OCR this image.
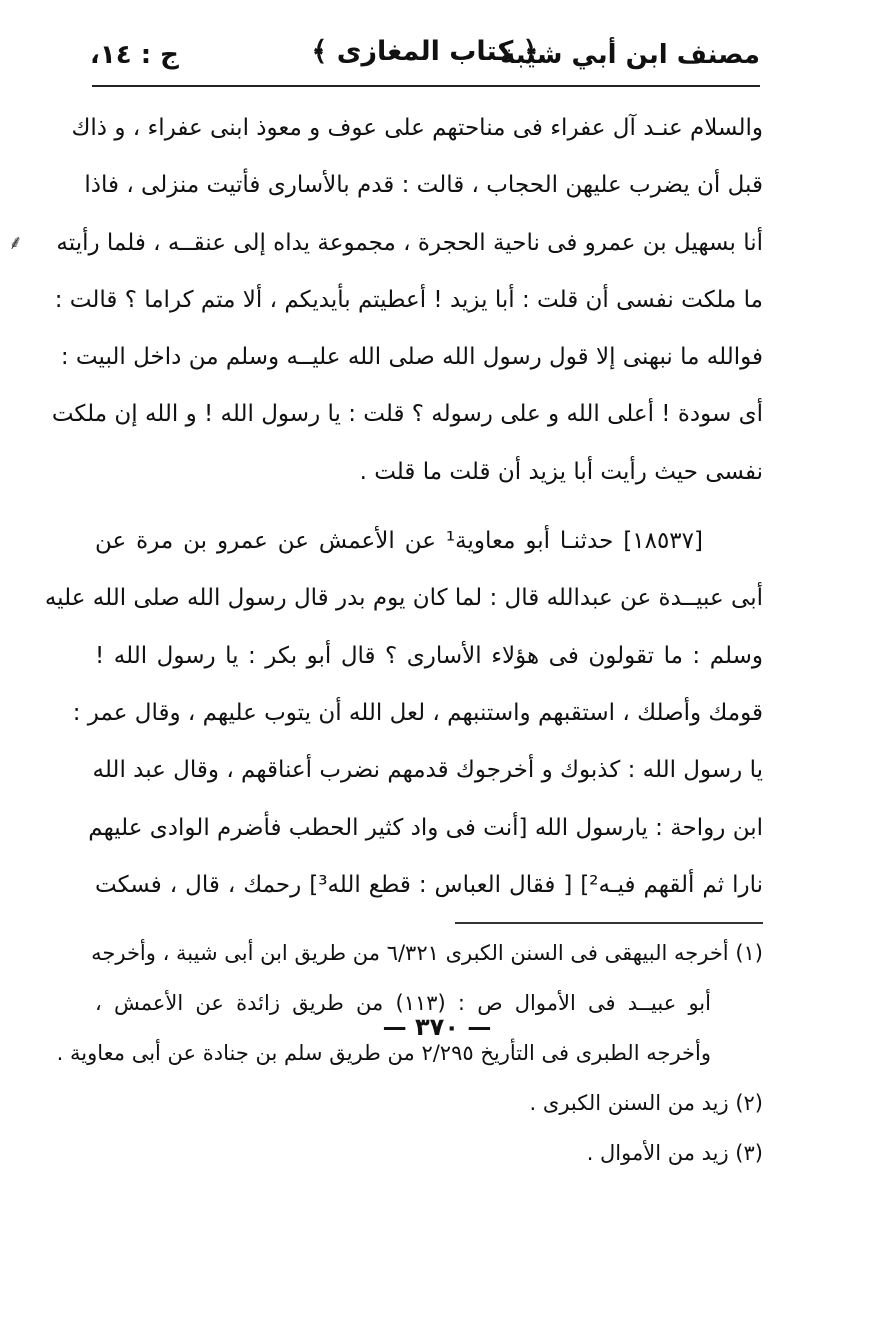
مصنف ابن أبي شيبة
﴿ كتاب المغازى ﴾
ج : ١٤،
والسلام عنـد آل عفراء فى مناحتهم على عوف و معوذ ابنى عفراء ، و ذاك
قبل أن يضرب عليهن الحجاب ، قالت : قدم بالأسارى فأتيت منزلى ، فاذا
أنا بسهيل بن عمرو فى ناحية الحجرة ، مجموعة يداه إلى عنقــه ، فلما رأيته
ما ملكت نفسى أن قلت : أبا يزيد ! أعطيتم بأيديكم ، ألا متم كراما ؟ قالت :
فوالله ما نبهنى إلا قول رسول الله صلى الله عليــه وسلم من داخل البيت :
أى سودة ! أعلى الله و على رسوله ؟ قلت : يا رسول الله ! و الله إن ملكت
نفسى حيث رأيت أبا يزيد أن قلت ما قلت .
[١٨٥٣٧] حدثنـا أبو معاوية¹ عن الأعمش عن عمرو بن مرة عن
أبى عبيــدة عن عبدالله قال : لما كان يوم بدر قال رسول الله صلى الله عليه
وسلم : ما تقولون فى هؤلاء الأسارى ؟ قال أبو بكر : يا رسول الله !
قومك وأصلك ، استقبهم واستنبهم ، لعل الله أن يتوب عليهم ، وقال عمر :
يا رسول الله : كذبوك و أخرجوك قدمهم نضرب أعناقهم ، وقال عبد الله
ابن رواحة : يارسول الله [أنت فى واد كثير الحطب فأضرم الوادى عليهم
نارا ثم ألقهم فيـه²] [ فقال العباس : قطع الله³] رحمك ، قال ، فسكت
(١) أخرجه البيهقى فى السنن الكبرى ٦/٣٢١ من طريق ابن أبى شيبة ، وأخرجه
أبو عبيــد فى الأموال ص : (١١٣) من طريق زائدة عن الأعمش ،
وأخرجه الطبرى فى التأريخ ٢/٢٩٥ من طريق سلم بن جنادة عن أبى معاوية .
(٢) زيد من السنن الكبرى .
(٣) زيد من الأموال .
— ٣٧٠ —
⸙
